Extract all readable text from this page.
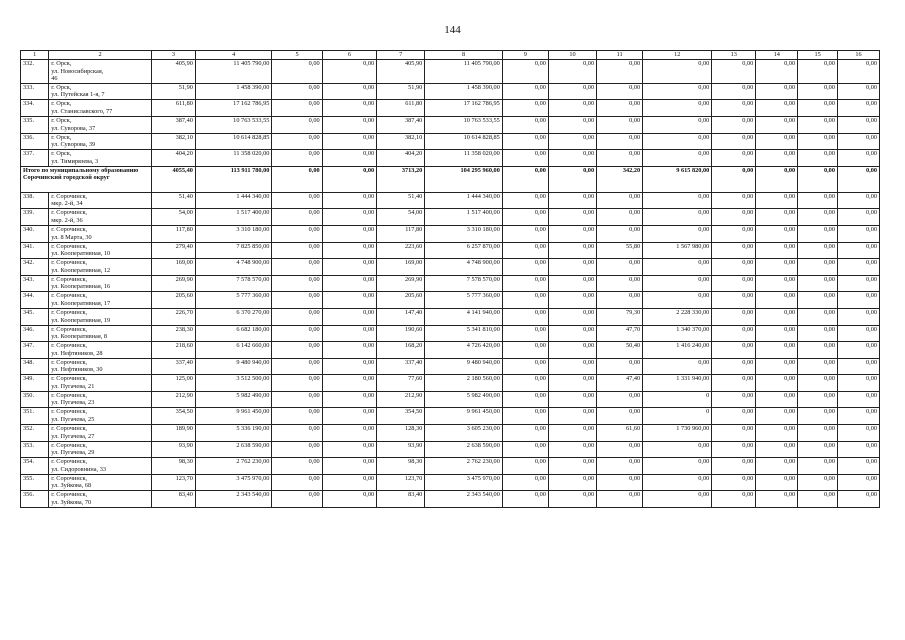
144
1	2	3	4	5	6	7	8	9	10	11	12	13	14	15	16
332.	г. Орск,
ул. Новосибирская,
46	405,90	11 405 790,00	0,00	0,00	405,90	11 405 790,00	0,00	0,00	0,00	0,00	0,00	0,00	0,00	0,00
333.	г. Орск,
ул. Путейская 1-я, 7	51,90	1 458 390,00	0,00	0,00	51,90	1 458 390,00	0,00	0,00	0,00	0,00	0,00	0,00	0,00	0,00
334.	г. Орск,
ул. Станиславского, 77	611,80	17 162 786,95	0,00	0,00	611,80	17 162 786,95	0,00	0,00	0,00	0,00	0,00	0,00	0,00	0,00
335.	г. Орск,
ул. Суворова, 37	387,40	10 763 533,55	0,00	0,00	387,40	10 763 533,55	0,00	0,00	0,00	0,00	0,00	0,00	0,00	0,00
336.	г. Орск,
ул. Суворова, 39	382,10	10 614 828,85	0,00	0,00	382,10	10 614 828,85	0,00	0,00	0,00	0,00	0,00	0,00	0,00	0,00
337.	г. Орск,
ул. Тимирязева, 3	404,20	11 358 020,00	0,00	0,00	404,20	11 358 020,00	0,00	0,00	0,00	0,00	0,00	0,00	0,00	0,00
Итого по муниципальному образованию Сорочинский городской округ		4055,40	113 911 780,00	0,00	0,00	3713,20	104 295 960,00	0,00	0,00	342,20	9 615 820,00	0,00	0,00	0,00	0,00
338.	г. Сорочинск,
мкр. 2-й, 34	51,40	1 444 340,00	0,00	0,00	51,40	1 444 340,00	0,00	0,00	0,00	0,00	0,00	0,00	0,00	0,00
339.	г. Сорочинск,
мкр. 2-й, 36	54,00	1 517 400,00	0,00	0,00	54,00	1 517 400,00	0,00	0,00	0,00	0,00	0,00	0,00	0,00	0,00
340.	г. Сорочинск,
ул. 8 Марта, 30	117,80	3 310 180,00	0,00	0,00	117,80	3 310 180,00	0,00	0,00	0,00	0,00	0,00	0,00	0,00	0,00
341.	г. Сорочинск,
ул. Кооперативная, 10	279,40	7 825 850,00	0,00	0,00	223,60	6 257 870,00	0,00	0,00	55,80	1 567 980,00	0,00	0,00	0,00	0,00
342.	г. Сорочинск,
ул. Кооперативная, 12	169,00	4 748 900,00	0,00	0,00	169,00	4 748 900,00	0,00	0,00	0,00	0,00	0,00	0,00	0,00	0,00
343.	г. Сорочинск,
ул. Кооперативная, 16	269,90	7 578 570,00	0,00	0,00	269,90	7 578 570,00	0,00	0,00	0,00	0,00	0,00	0,00	0,00	0,00
344.	г. Сорочинск,
ул. Кооперативная, 17	205,60	5 777 360,00	0,00	0,00	205,60	5 777 360,00	0,00	0,00	0,00	0,00	0,00	0,00	0,00	0,00
345.	г. Сорочинск,
ул. Кооперативная, 19	226,70	6 370 270,00	0,00	0,00	147,40	4 141 940,00	0,00	0,00	79,30	2 228 330,00	0,00	0,00	0,00	0,00
346.	г. Сорочинск,
ул. Кооперативная, 8	238,30	6 682 180,00	0,00	0,00	190,60	5 341 810,00	0,00	0,00	47,70	1 340 370,00	0,00	0,00	0,00	0,00
347.	г. Сорочинск,
ул. Нефтяников, 28	218,60	6 142 660,00	0,00	0,00	168,20	4 726 420,00	0,00	0,00	50,40	1 416 240,00	0,00	0,00	0,00	0,00
348.	г. Сорочинск,
ул. Нефтяников, 30	337,40	9 480 940,00	0,00	0,00	337,40	9 480 940,00	0,00	0,00	0,00	0,00	0,00	0,00	0,00	0,00
349.	г. Сорочинск,
ул. Пугачева, 21	125,00	3 512 500,00	0,00	0,00	77,60	2 180 560,00	0,00	0,00	47,40	1 331 940,00	0,00	0,00	0,00	0,00
350.	г. Сорочинск,
ул. Пугачева, 23	212,90	5 982 490,00	0,00	0,00	212,90	5 982 490,00	0,00	0,00	0,00	0	0,00	0,00	0,00	0,00
351.	г. Сорочинск,
ул. Пугачева, 25	354,50	9 961 450,00	0,00	0,00	354,50	9 961 450,00	0,00	0,00	0,00	0	0,00	0,00	0,00	0,00
352.	г. Сорочинск,
ул. Пугачева, 27	189,90	5 336 190,00	0,00	0,00	128,30	3 605 230,00	0,00	0,00	61,60	1 730 960,00	0,00	0,00	0,00	0,00
353.	г. Сорочинск,
ул. Пугачева, 29	93,90	2 638 590,00	0,00	0,00	93,90	2 638 590,00	0,00	0,00	0,00	0,00	0,00	0,00	0,00	0,00
354.	г. Сорочинск,
ул. Сидоровнина, 33	98,30	2 762 230,00	0,00	0,00	98,30	2 762 230,00	0,00	0,00	0,00	0,00	0,00	0,00	0,00	0,00
355.	г. Сорочинск,
ул. Зуйкова, 68	123,70	3 475 970,00	0,00	0,00	123,70	3 475 970,00	0,00	0,00	0,00	0,00	0,00	0,00	0,00	0,00
356.	г. Сорочинск,
ул. Зуйкова, 70	83,40	2 343 540,00	0,00	0,00	83,40	2 343 540,00	0,00	0,00	0,00	0,00	0,00	0,00	0,00	0,00
